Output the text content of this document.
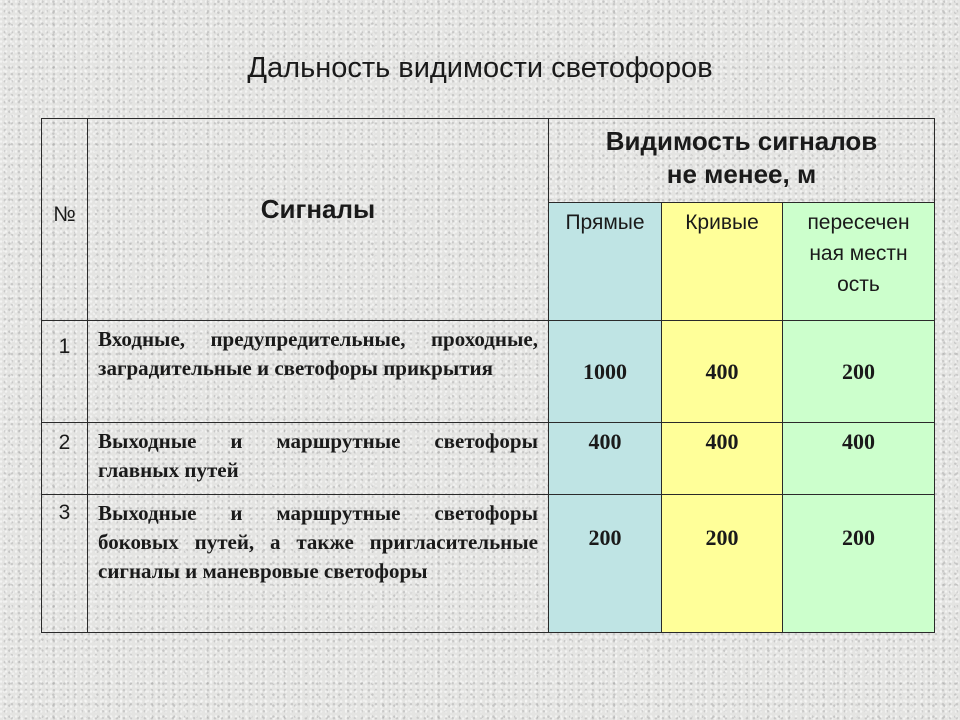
Дальность видимости светофоров
№	Сигналы	Видимость сигналов не менее, м		

		Прямые	Кривые	пересеченная местность

1	Входные, предупредительные, проходные, заградительные и светофоры прикрытия	1000	400	200
2	Выходные и маршрутные светофоры главных путей	400	400	400
3	Выходные и маршрутные светофоры боковых путей, а также пригласительные сигналы и маневровые светофоры	200	200	200
